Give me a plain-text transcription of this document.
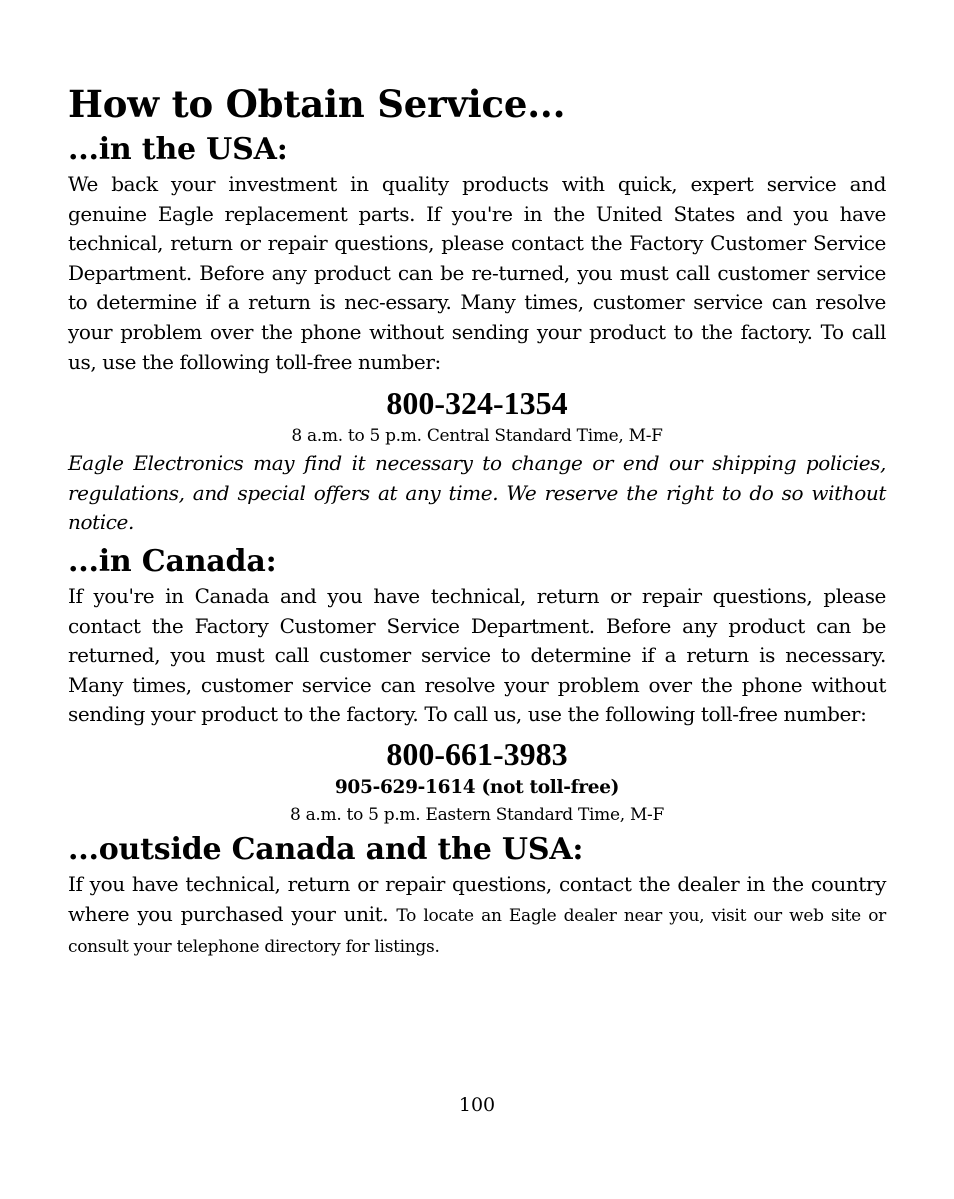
How to Obtain Service...
...in the USA:

We back your investment in quality products with quick, expert service and genuine Eagle replacement parts. If you're in the United States and you have technical, return or repair questions, please contact the Factory Customer Service Department. Before any product can be re-turned, you must call customer service to determine if a return is nec-essary. Many times, customer service can resolve your problem over the phone without sending your product to the factory. To call us, use the following toll-free number:

800-324-1354
8 a.m. to 5 p.m. Central Standard Time, M-F

Eagle Electronics may find it necessary to change or end our shipping policies, regulations, and special offers at any time. We reserve the right to do so without notice.

...in Canada:

If you're in Canada and you have technical, return or repair questions, please contact the Factory Customer Service Department. Before any product can be returned, you must call customer service to determine if a return is necessary. Many times, customer service can resolve your problem over the phone without sending your product to the factory. To call us, use the following toll-free number:

800-661-3983
905-629-1614 (not toll-free)
8 a.m. to 5 p.m. Eastern Standard Time, M-F
...outside Canada and the USA:

If you have technical, return or repair questions, contact the dealer in the country where you purchased your unit. To locate an Eagle dealer near you, visit our web site or consult your telephone directory for listings.

100
